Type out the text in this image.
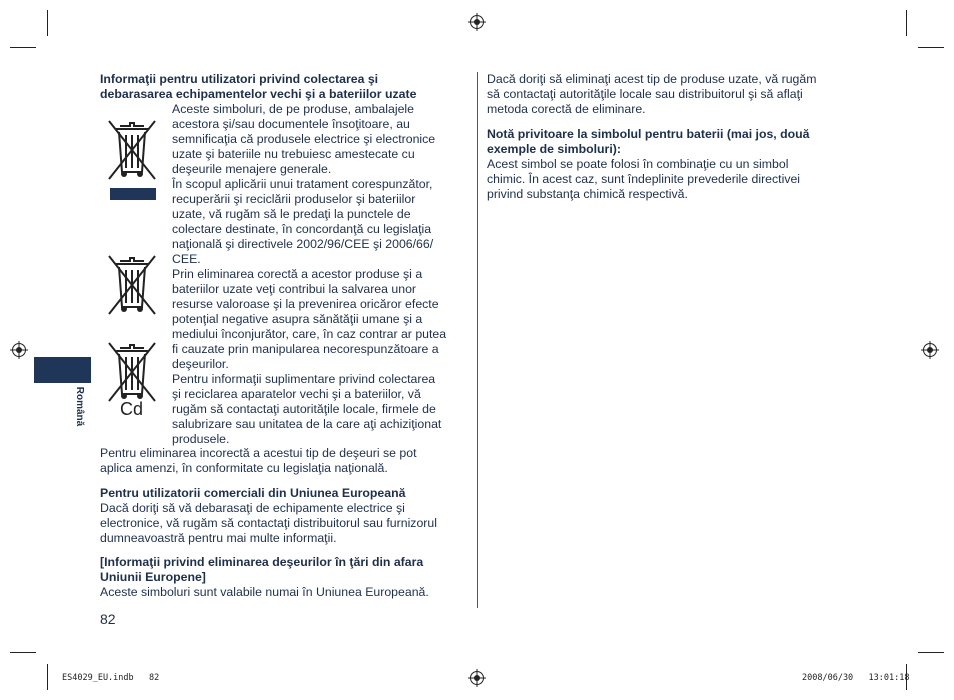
Română

Informaţii pentru utilizatori privind colectarea şi

debarasarea echipamentelor vechi şi a bateriilor uzate

Cd

Aceste simboluri, de pe produse, ambalajele

acestora şi/sau documentele însoţitoare, au

semnificaţia că produsele electrice şi electronice

uzate şi bateriile nu trebuiesc amestecate cu

deşeurile menajere generale.

În scopul aplicării unui tratament corespunzător,

recuperării şi reciclării produselor şi bateriilor

uzate, vă rugăm să le predaţi la punctele de

colectare destinate, în concordanţă cu legislaţia

naţională şi directivele 2002/96/CEE şi 2006/66/

CEE.

Prin eliminarea corectă a acestor produse şi a

bateriilor uzate veţi contribui la salvarea unor

resurse valoroase şi la prevenirea oricăror efecte

potenţial negative asupra sănătăţii umane şi a

mediului înconjurător, care, în caz contrar ar putea

fi cauzate prin manipularea necorespunzătoare a

deşeurilor.

Pentru informaţii suplimentare privind colectarea

şi reciclarea aparatelor vechi şi a bateriilor, vă

rugăm să contactaţi autorităţile locale, firmele de

salubrizare sau unitatea de la care aţi achiziţionat

produsele.

Pentru eliminarea incorectă a acestui tip de deşeuri se pot

aplica amenzi, în conformitate cu legislaţia naţională.

Pentru utilizatorii comerciali din Uniunea Europeană

Dacă doriţi să vă debarasaţi de echipamente electrice şi

electronice, vă rugăm să contactaţi distribuitorul sau furnizorul

dumneavoastră pentru mai multe informaţii.

[Informaţii privind eliminarea deşeurilor în ţări din afara

Uniunii Europene]

Aceste simboluri sunt valabile numai în Uniunea Europeană.

82

Dacă doriţi să eliminaţi acest tip de produse uzate, vă rugăm

să contactaţi autorităţile locale sau distribuitorul şi să aflaţi

metoda corectă de eliminare.

Notă privitoare la simbolul pentru baterii (mai jos, două

exemple de simboluri):

Acest simbol se poate folosi în combinaţie cu un simbol

chimic. În acest caz, sunt îndeplinite prevederile directivei

privind substanţa chimică respectivă.

ES4029_EU.indb   82	2008/06/30   13:01:18
